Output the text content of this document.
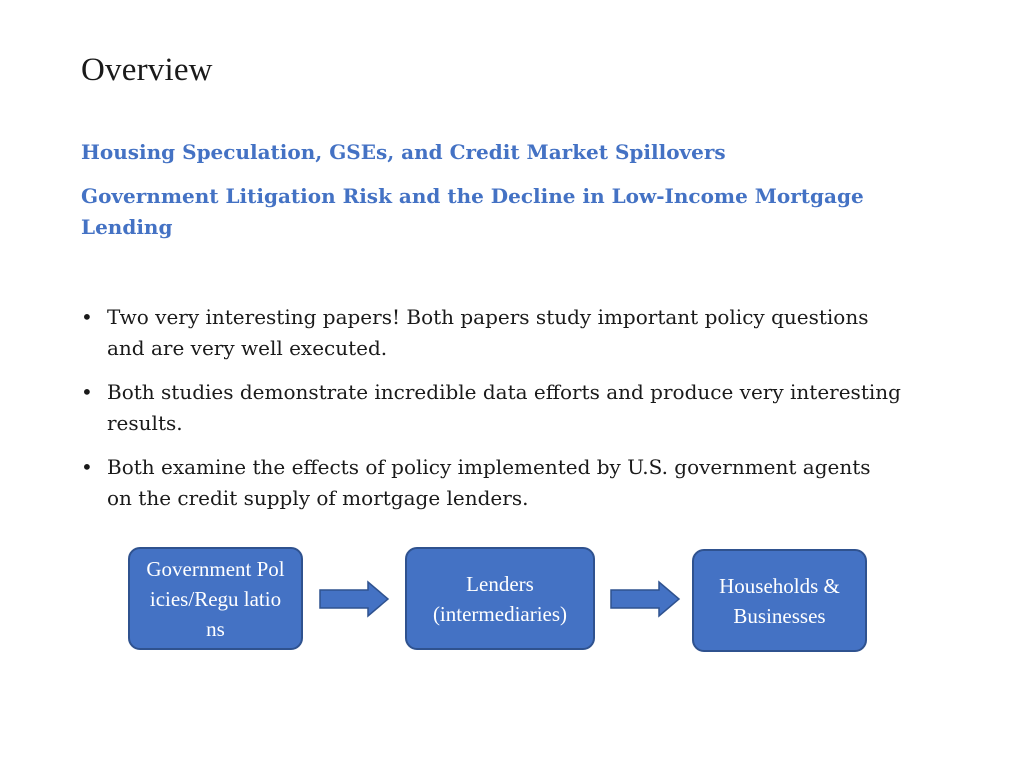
Overview
Housing Speculation, GSEs, and Credit Market Spillovers
Government Litigation Risk and the Decline in Low-Income Mortgage Lending
• Two very interesting papers! Both papers study important policy questions and are very well executed.
• Both studies demonstrate incredible data efforts and produce very interesting results.
• Both examine the effects of policy implemented by U.S. government agents on the credit supply of mortgage lenders.
Government Policies/Regu lations
Lenders (intermediaries)
Households & Businesses
